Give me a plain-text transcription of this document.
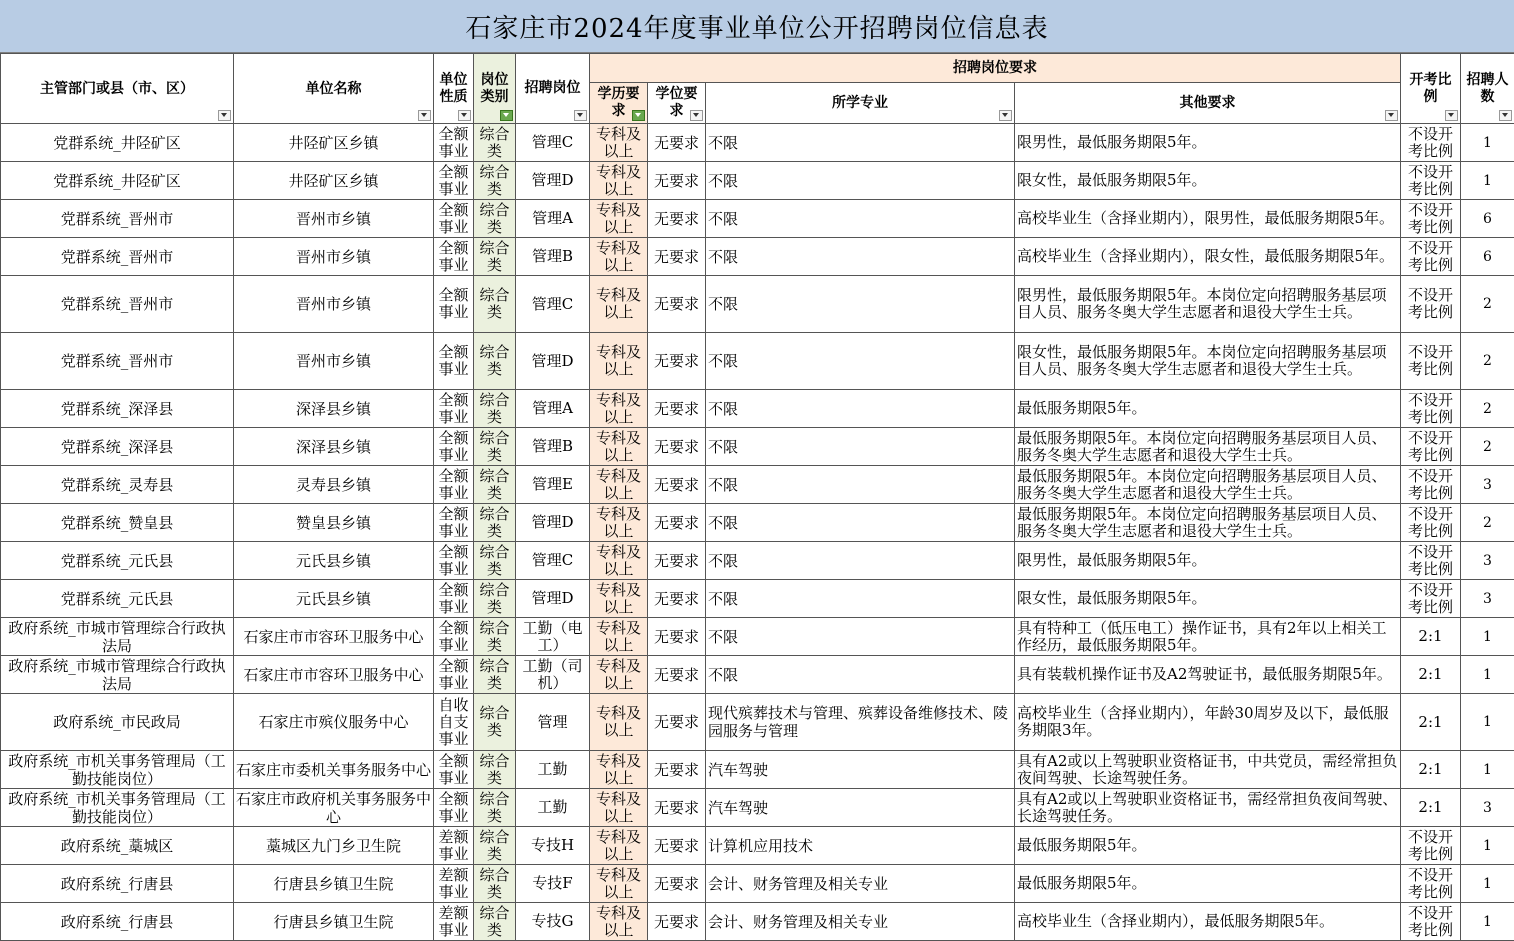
石家庄市2024年度事业单位公开招聘岗位信息表
主管部门或县（市、区）	单位名称	单位性质	岗位类别	招聘岗位	招聘岗位要求				开考比例	招聘人数

					学历要求	学位要求	所学专业	其他要求		

党群系统_井陉矿区	井陉矿区乡镇	全额事业	综合类	管理C	专科及以上	无要求	不限	限男性，最低服务期限5年。	不设开考比例	1
党群系统_井陉矿区	井陉矿区乡镇	全额事业	综合类	管理D	专科及以上	无要求	不限	限女性，最低服务期限5年。	不设开考比例	1
党群系统_晋州市	晋州市乡镇	全额事业	综合类	管理A	专科及以上	无要求	不限	高校毕业生（含择业期内），限男性，最低服务期限5年。	不设开考比例	6
党群系统_晋州市	晋州市乡镇	全额事业	综合类	管理B	专科及以上	无要求	不限	高校毕业生（含择业期内），限女性，最低服务期限5年。	不设开考比例	6
党群系统_晋州市	晋州市乡镇	全额事业	综合类	管理C	专科及以上	无要求	不限	限男性，最低服务期限5年。本岗位定向招聘服务基层项目人员、服务冬奥大学生志愿者和退役大学生士兵。	不设开考比例	2
党群系统_晋州市	晋州市乡镇	全额事业	综合类	管理D	专科及以上	无要求	不限	限女性，最低服务期限5年。本岗位定向招聘服务基层项目人员、服务冬奥大学生志愿者和退役大学生士兵。	不设开考比例	2
党群系统_深泽县	深泽县乡镇	全额事业	综合类	管理A	专科及以上	无要求	不限	最低服务期限5年。	不设开考比例	2
党群系统_深泽县	深泽县乡镇	全额事业	综合类	管理B	专科及以上	无要求	不限	最低服务期限5年。本岗位定向招聘服务基层项目人员、服务冬奥大学生志愿者和退役大学生士兵。	不设开考比例	2
党群系统_灵寿县	灵寿县乡镇	全额事业	综合类	管理E	专科及以上	无要求	不限	最低服务期限5年。本岗位定向招聘服务基层项目人员、服务冬奥大学生志愿者和退役大学生士兵。	不设开考比例	3
党群系统_赞皇县	赞皇县乡镇	全额事业	综合类	管理D	专科及以上	无要求	不限	最低服务期限5年。本岗位定向招聘服务基层项目人员、服务冬奥大学生志愿者和退役大学生士兵。	不设开考比例	2
党群系统_元氏县	元氏县乡镇	全额事业	综合类	管理C	专科及以上	无要求	不限	限男性，最低服务期限5年。	不设开考比例	3
党群系统_元氏县	元氏县乡镇	全额事业	综合类	管理D	专科及以上	无要求	不限	限女性，最低服务期限5年。	不设开考比例	3
政府系统_市城市管理综合行政执法局	石家庄市市容环卫服务中心	全额事业	综合类	工勤（电工）	专科及以上	无要求	不限	具有特种工（低压电工）操作证书，具有2年以上相关工作经历，最低服务期限5年。	2:1	1
政府系统_市城市管理综合行政执法局	石家庄市市容环卫服务中心	全额事业	综合类	工勤（司机）	专科及以上	无要求	不限	具有装载机操作证书及A2驾驶证书，最低服务期限5年。	2:1	1
政府系统_市民政局	石家庄市殡仪服务中心	自收自支事业	综合类	管理	专科及以上	无要求	现代殡葬技术与管理、殡葬设备维修技术、陵园服务与管理	高校毕业生（含择业期内），年龄30周岁及以下，最低服务期限3年。	2:1	1
政府系统_市机关事务管理局（工勤技能岗位）	石家庄市委机关事务服务中心	全额事业	综合类	工勤	专科及以上	无要求	汽车驾驶	具有A2或以上驾驶职业资格证书，中共党员，需经常担负夜间驾驶、长途驾驶任务。	2:1	1
政府系统_市机关事务管理局（工勤技能岗位）	石家庄市政府机关事务服务中心	全额事业	综合类	工勤	专科及以上	无要求	汽车驾驶	具有A2或以上驾驶职业资格证书，需经常担负夜间驾驶、长途驾驶任务。	2:1	3
政府系统_藁城区	藁城区九门乡卫生院	差额事业	综合类	专技H	专科及以上	无要求	计算机应用技术	最低服务期限5年。	不设开考比例	1
政府系统_行唐县	行唐县乡镇卫生院	差额事业	综合类	专技F	专科及以上	无要求	会计、财务管理及相关专业	最低服务期限5年。	不设开考比例	1
政府系统_行唐县	行唐县乡镇卫生院	差额事业	综合类	专技G	专科及以上	无要求	会计、财务管理及相关专业	高校毕业生（含择业期内），最低服务期限5年。	不设开考比例	1
